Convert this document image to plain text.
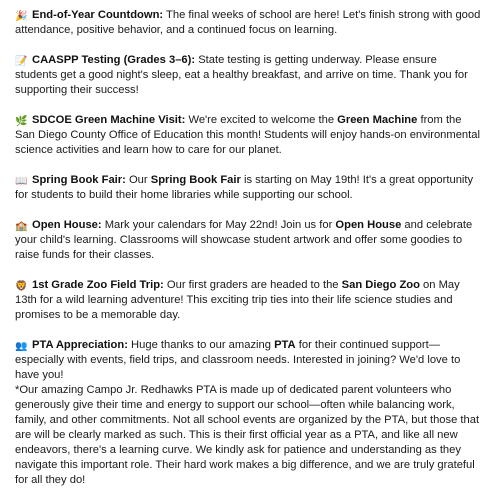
🎉 End-of-Year Countdown: The final weeks of school are here! Let's finish strong with good attendance, positive behavior, and a continued focus on learning.

📝 CAASPP Testing (Grades 3–6): State testing is getting underway. Please ensure students get a good night's sleep, eat a healthy breakfast, and arrive on time. Thank you for supporting their success!

🌿 SDCOE Green Machine Visit: We're excited to welcome the Green Machine from the San Diego County Office of Education this month! Students will enjoy hands-on environmental science activities and learn how to care for our planet.

📖 Spring Book Fair: Our Spring Book Fair is starting on May 19th! It's a great opportunity for students to build their home libraries while supporting our school.

🏫 Open House: Mark your calendars for May 22nd! Join us for Open House and celebrate your child's learning. Classrooms will showcase student artwork and offer some goodies to raise funds for their classes.

🦁 1st Grade Zoo Field Trip: Our first graders are headed to the San Diego Zoo on May 13th for a wild learning adventure! This exciting trip ties into their life science studies and promises to be a memorable day.

👥 PTA Appreciation: Huge thanks to our amazing PTA for their continued support—especially with events, field trips, and classroom needs. Interested in joining? We'd love to have you!

*Our amazing Campo Jr. Redhawks PTA is made up of dedicated parent volunteers who generously give their time and energy to support our school—often while balancing work, family, and other commitments. Not all school events are organized by the PTA, but those that are will be clearly marked as such. This is their first official year as a PTA, and like all new endeavors, there's a learning curve. We kindly ask for patience and understanding as they navigate this important role. Their hard work makes a big difference, and we are truly grateful for all they do!
